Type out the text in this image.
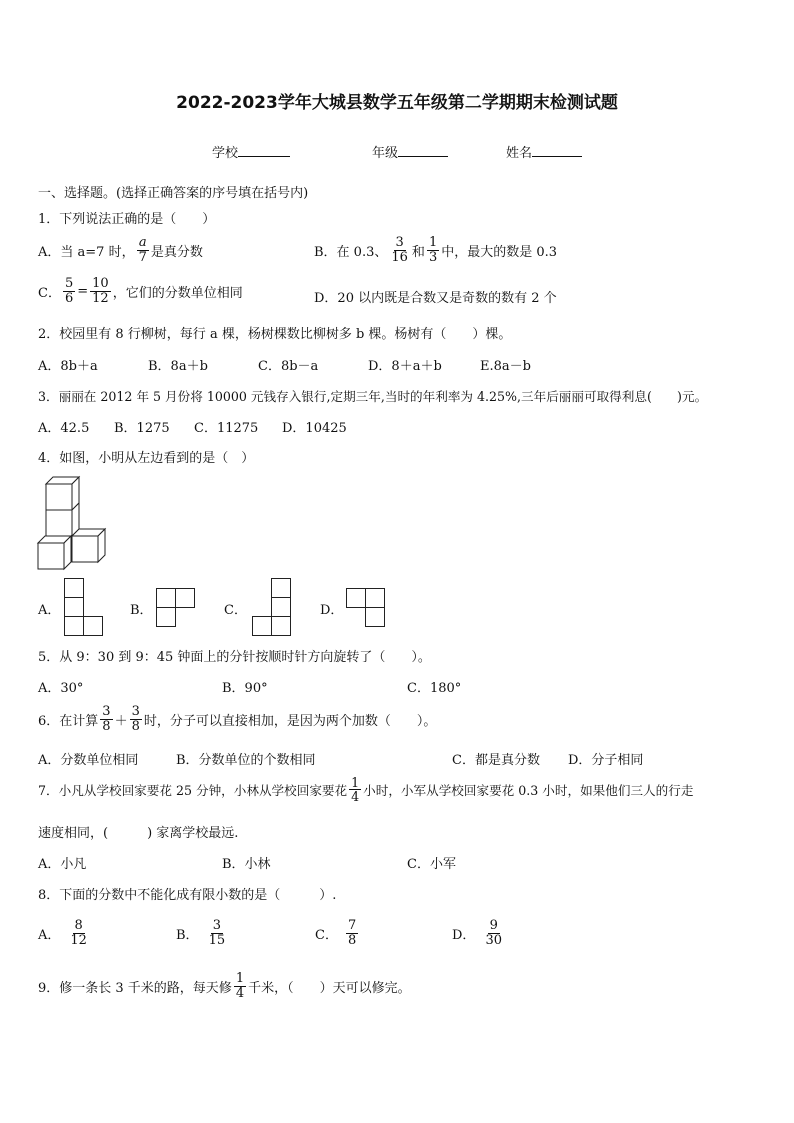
2022-2023学年大城县数学五年级第二学期期末检测试题
学校	年级	姓名
一、选择题。(选择正确答案的序号填在括号内)
1．下列说法正确的是（　　）
A．当 a=7 时， $\frac{a}{7}$ 是真分数	B．在 0.3、 $\frac{3}{16}$ 和 $\frac{1}{3}$ 中，最大的数是 0.3
C． $\frac{5}{6} = \frac{10}{12}$ ，它们的分数单位相同	D．20 以内既是合数又是奇数的数有 2 个
2．校园里有 8 行柳树，每行 a 棵，杨树棵数比柳树多 b 棵。杨树有（　　）棵。
A．8b＋a	B．8a＋b	C．8b－a	D．8＋a＋b	E.8a－b
3．丽丽在 2012 年 5 月份将 10000 元钱存入银行,定期三年,当时的年利率为 4.25%,三年后丽丽可取得利息(　　)元。
A．42.5 B．1275 C．11275 D．10425
4．如图，小明从左边看到的是（　）
A．	B．	C．	D．
5．从 9：30 到 9：45 钟面上的分针按顺时针方向旋转了（　　）。
A．30°	B．90°	C．180°
6．在计算 $\frac{3}{8} + \frac{3}{8}$ 时，分子可以直接相加，是因为两个加数（　　）。
A．分数单位相同	B．分数单位的个数相同	C．都是真分数 D．分子相同
7．小凡从学校回家要花 25 分钟，小林从学校回家要花 $\frac{1}{4}$ 小时，小军从学校回家要花 0.3 小时，如果他们三人的行走
速度相同，(　　　) 家离学校最远.
A．小凡	B．小林	C．小军
8．下面的分数中不能化成有限小数的是（　　　）.
A． $\frac{8}{12}$	B． $\frac{3}{15}$	C． $\frac{7}{8}$	D． $\frac{9}{30}$
9．修一条长 3 千米的路，每天修 $\frac{1}{4}$ 千米，（　　）天可以修完。
